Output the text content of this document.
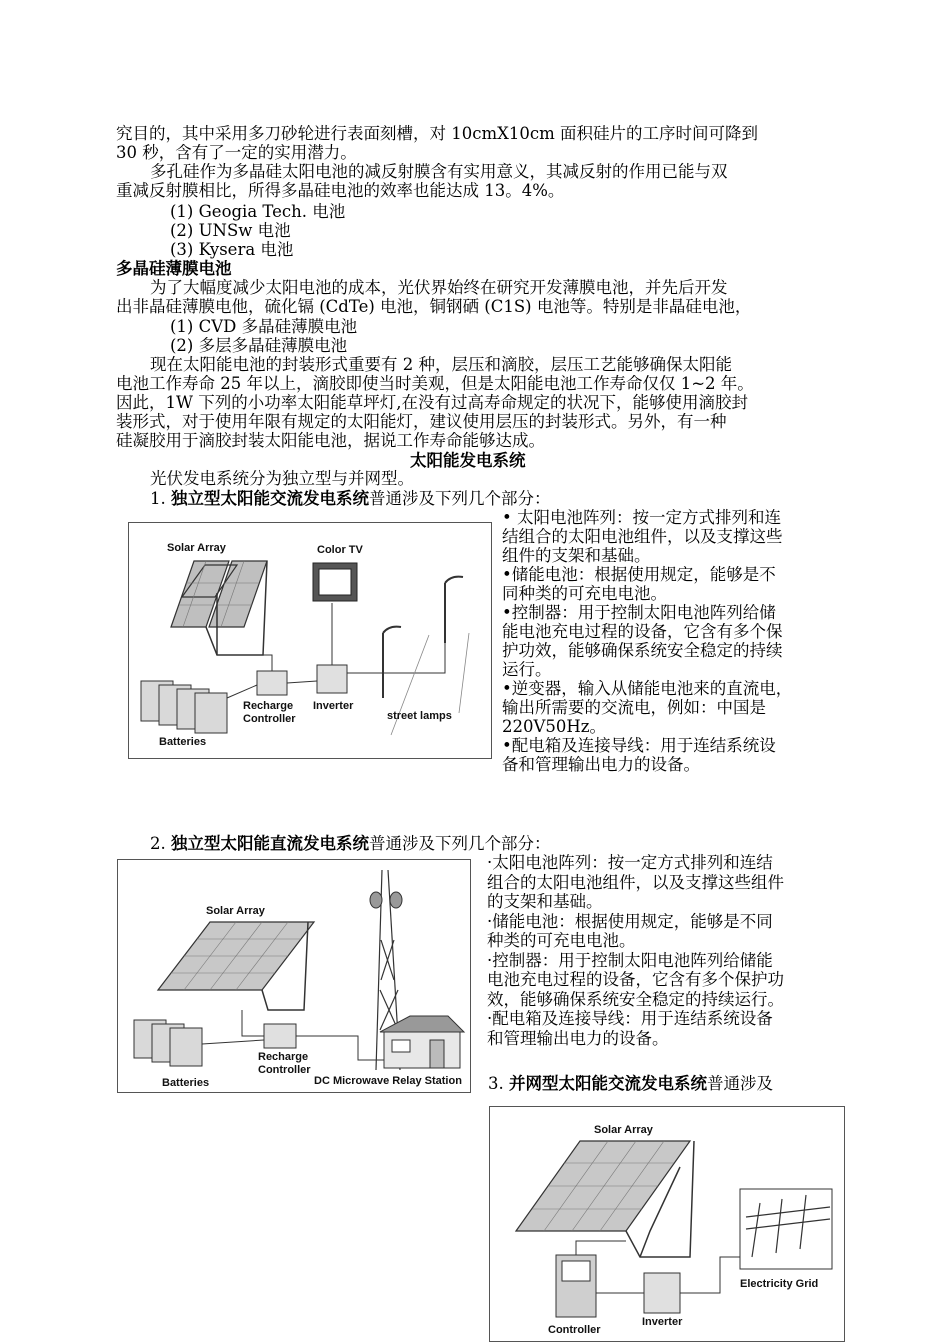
究目的，其中采用多刀砂轮进行表面刻槽，对 10cmX10cm 面积硅片的工序时间可降到
30 秒，含有了一定的实用潜力。
多孔硅作为多晶硅太阳电池的减反射膜含有实用意义，其减反射的作用已能与双
重减反射膜相比，所得多晶硅电池的效率也能达成 13。4%。
(1) Geogia Tech. 电池
(2) UNSw 电池
(3) Kysera 电池
多晶硅薄膜电池
为了大幅度减少太阳电池的成本，光伏界始终在研究开发薄膜电池，并先后开发
出非晶硅薄膜电他，硫化镉 (CdTe) 电池，铜钢硒 (C1S) 电池等。特别是非晶硅电池，
(1) CVD 多晶硅薄膜电池
(2) 多层多晶硅薄膜电池
现在太阳能电池的封装形式重要有 2 种，层压和滴胶，层压工艺能够确保太阳能
电池工作寿命 25 年以上，滴胶即使当时美观，但是太阳能电池工作寿命仅仅 1~2 年。
因此，1W 下列的小功率太阳能草坪灯,在没有过高寿命规定的状况下，能够使用滴胶封
装形式，对于使用年限有规定的太阳能灯，建议使用层压的封装形式。另外，有一种
硅凝胶用于滴胶封装太阳能电池，据说工作寿命能够达成。
太阳能发电系统
光伏发电系统分为独立型与并网型。
1. 独立型太阳能交流发电系统普通涉及下列几个部分：
Solar Array	Color TV
Recharge
Controller
Inverter
street lamps
Batteries
• 太阳电池阵列：按一定方式排列和连
结组合的太阳电池组件，以及支撑这些
组件的支架和基础。
•储能电池：根据使用规定，能够是不
同种类的可充电电池。
•控制器：用于控制太阳电池阵列给储
能电池充电过程的设备，它含有多个保
护功效，能够确保系统安全稳定的持续
运行。
•逆变器，输入从储能电池来的直流电，
输出所需要的交流电，例如：中国是
220V50Hz。
•配电箱及连接导线：用于连结系统设
备和管理输出电力的设备。
2. 独立型太阳能直流发电系统普通涉及下列几个部分：
Solar Array
Recharge
Controller
Batteries	DC Microwave Relay Station
·太阳电池阵列：按一定方式排列和连结
组合的太阳电池组件，以及支撑这些组件
的支架和基础。
·储能电池：根据使用规定，能够是不同
种类的可充电电池。
·控制器：用于控制太阳电池阵列给储能
电池充电过程的设备，它含有多个保护功
效，能够确保系统安全稳定的持续运行。
·配电箱及连接导线：用于连结系统设备
和管理输出电力的设备。
3. 并网型太阳能交流发电系统普通涉及
Solar Array
Electricity Grid
Inverter
Controller
